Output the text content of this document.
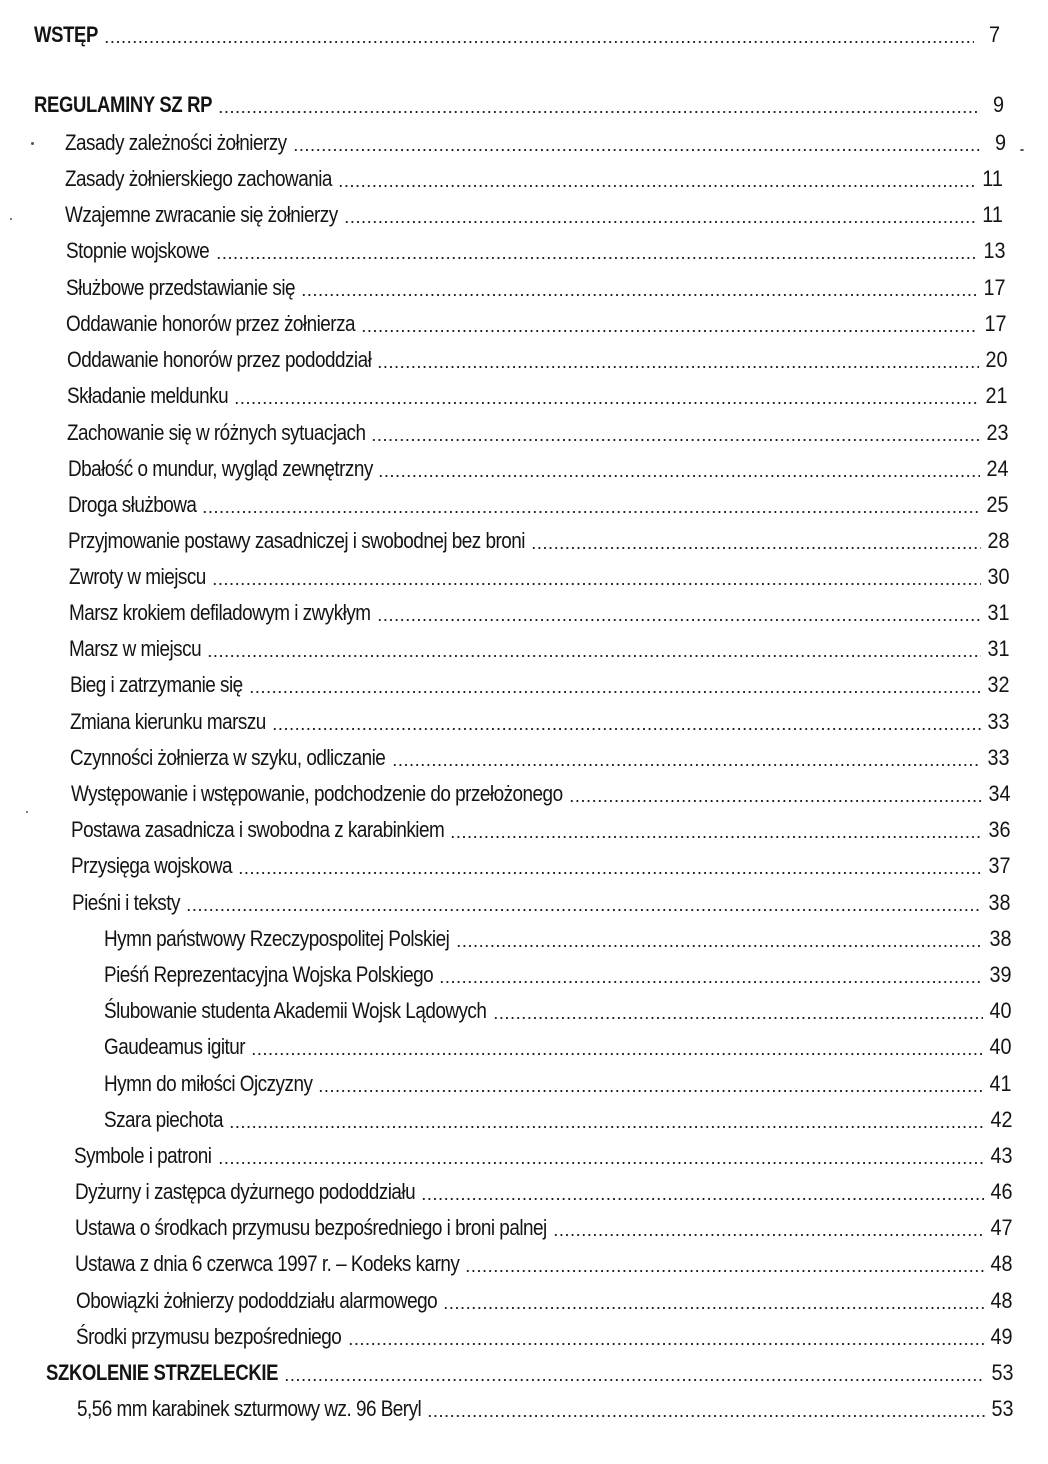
WSTĘP	7
REGULAMINY SZ RP	9
Zasady zależności żołnierzy	9
Zasady żołnierskiego zachowania	11
Wzajemne zwracanie się żołnierzy	11
Stopnie wojskowe	13
Służbowe przedstawianie się	17
Oddawanie honorów przez żołnierza	17
Oddawanie honorów przez pododdział	20
Składanie meldunku	21
Zachowanie się w różnych sytuacjach	23
Dbałość o mundur, wygląd zewnętrzny	24
Droga służbowa	25
Przyjmowanie postawy zasadniczej i swobodnej bez broni	28
Zwroty w miejscu	30
Marsz krokiem defiladowym i zwykłym	31
Marsz w miejscu	31
Bieg i zatrzymanie się	32
Zmiana kierunku marszu	33
Czynności żołnierza w szyku, odliczanie	33
Występowanie i wstępowanie, podchodzenie do przełożonego	34
Postawa zasadnicza i swobodna z karabinkiem	36
Przysięga wojskowa	37
Pieśni i teksty	38
Hymn państwowy Rzeczypospolitej Polskiej	38
Pieśń Reprezentacyjna Wojska Polskiego	39
Ślubowanie studenta Akademii Wojsk Lądowych	40
Gaudeamus igitur	40
Hymn do miłości Ojczyzny	41
Szara piechota	42
Symbole i patroni	43
Dyżurny i zastępca dyżurnego pododdziału	46
Ustawa o środkach przymusu bezpośredniego i broni palnej	47
Ustawa z dnia 6 czerwca 1997 r. – Kodeks karny	48
Obowiązki żołnierzy pododdziału alarmowego	48
Środki przymusu bezpośredniego	49
SZKOLENIE STRZELECKIE	53
5,56 mm karabinek szturmowy wz. 96 Beryl	53
